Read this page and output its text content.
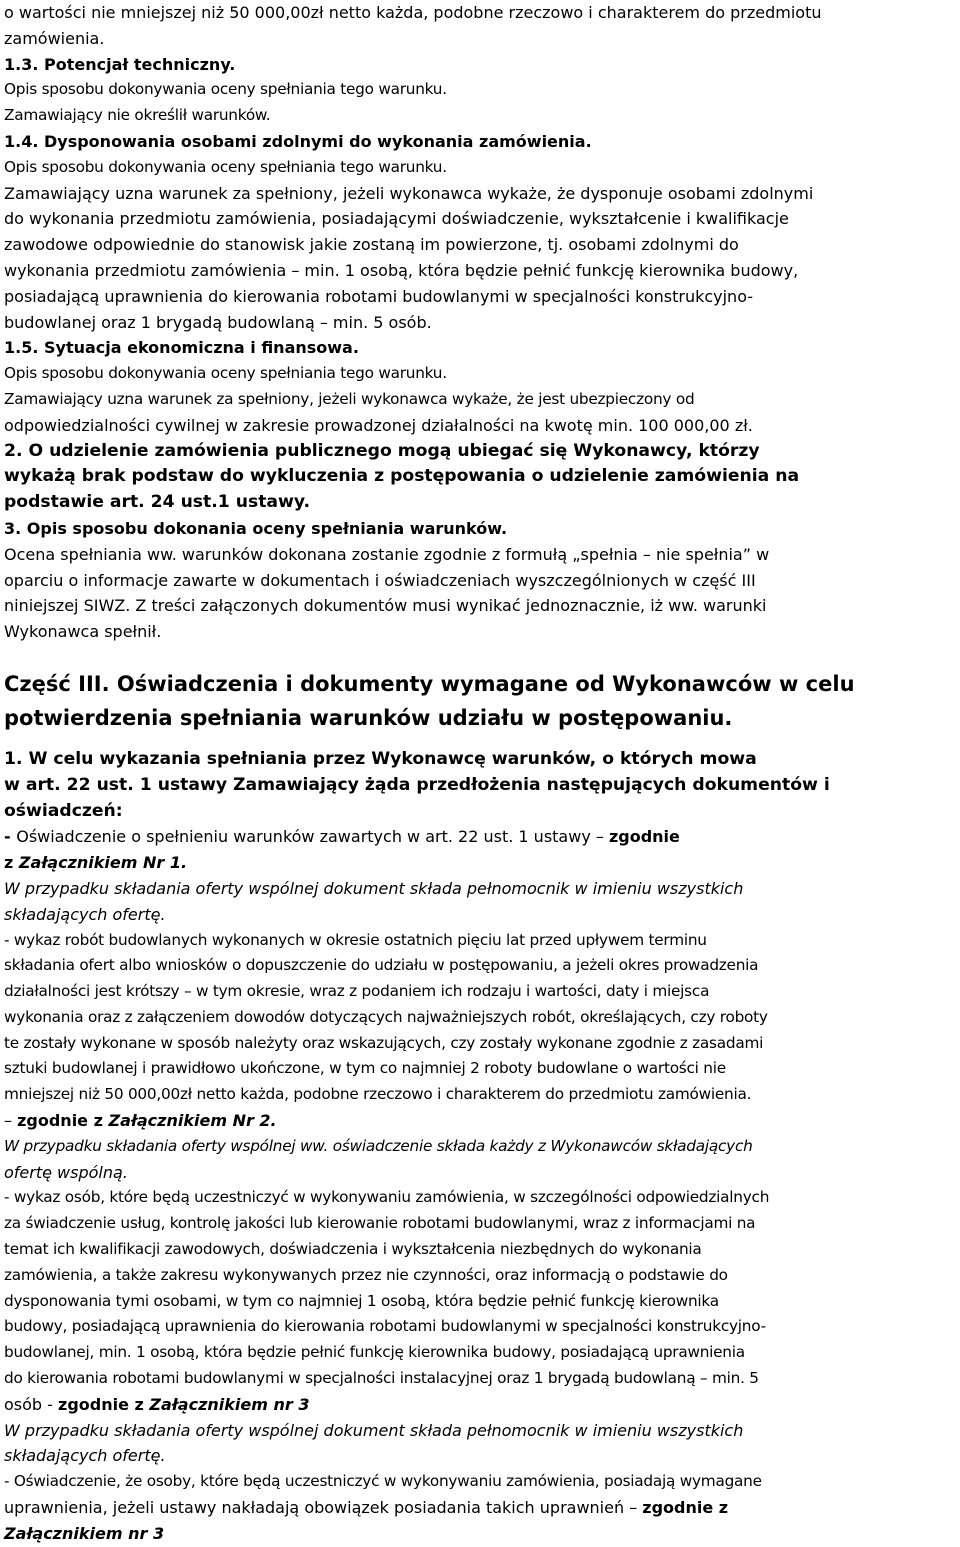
o wartości nie mniejszej niż 50 000,00zł netto każda, podobne rzeczowo i charakterem do przedmiotu
zamówienia.
1.3. Potencjał techniczny.
Opis sposobu dokonywania oceny spełniania tego warunku.
Zamawiający nie określił warunków.
1.4. Dysponowania osobami zdolnymi do wykonania zamówienia.
Opis sposobu dokonywania oceny spełniania tego warunku.
Zamawiający uzna warunek za spełniony, jeżeli wykonawca wykaże, że dysponuje osobami zdolnymi
do wykonania przedmiotu zamówienia, posiadającymi doświadczenie, wykształcenie i kwalifikacje
zawodowe odpowiednie do stanowisk jakie zostaną im powierzone, tj. osobami zdolnymi do
wykonania przedmiotu zamówienia – min. 1 osobą, która będzie pełnić funkcję kierownika budowy,
posiadającą uprawnienia do kierowania robotami budowlanymi w specjalności konstrukcyjno-
budowlanej oraz 1 brygadą budowlaną – min. 5 osób.
1.5. Sytuacja ekonomiczna i finansowa.
Opis sposobu dokonywania oceny spełniania tego warunku.
Zamawiający uzna warunek za spełniony, jeżeli wykonawca wykaże, że jest ubezpieczony od
odpowiedzialności cywilnej w zakresie prowadzonej działalności na kwotę min. 100 000,00 zł.
2. O udzielenie zamówienia publicznego mogą ubiegać się Wykonawcy, którzy
wykażą brak podstaw do wykluczenia z postępowania o udzielenie zamówienia na
podstawie art. 24 ust.1 ustawy.
3. Opis sposobu dokonania oceny spełniania warunków.
Ocena spełniania ww. warunków dokonana zostanie zgodnie z formułą „spełnia – nie spełnia” w
oparciu o informacje zawarte w dokumentach i oświadczeniach wyszczególnionych w część III
niniejszej SIWZ. Z treści załączonych dokumentów musi wynikać jednoznacznie, iż ww. warunki
Wykonawca spełnił.
Część III. Oświadczenia i dokumenty wymagane od Wykonawców w celu
potwierdzenia spełniania warunków udziału w postępowaniu.
1. W celu wykazania spełniania przez Wykonawcę warunków, o których mowa
w art. 22 ust. 1 ustawy Zamawiający żąda przedłożenia następujących dokumentów i
oświadczeń:
- Oświadczenie o spełnieniu warunków zawartych w art. 22 ust. 1 ustawy – zgodnie
z Załącznikiem Nr 1.
W przypadku składania oferty wspólnej dokument składa pełnomocnik w imieniu wszystkich
składających ofertę.
- wykaz robót budowlanych wykonanych w okresie ostatnich pięciu lat przed upływem terminu
składania ofert albo wniosków o dopuszczenie do udziału w postępowaniu, a jeżeli okres prowadzenia
działalności jest krótszy – w tym okresie, wraz z podaniem ich rodzaju i wartości, daty i miejsca
wykonania oraz z załączeniem dowodów dotyczących najważniejszych robót, określających, czy roboty
te zostały wykonane w sposób należyty oraz wskazujących, czy zostały wykonane zgodnie z zasadami
sztuki budowlanej i prawidłowo ukończone, w tym co najmniej 2 roboty budowlane o wartości nie
mniejszej niż 50 000,00zł netto każda, podobne rzeczowo i charakterem do przedmiotu zamówienia.
– zgodnie z Załącznikiem Nr 2.
W przypadku składania oferty wspólnej ww. oświadczenie składa każdy z Wykonawców składających
ofertę wspólną.
- wykaz osób, które będą uczestniczyć w wykonywaniu zamówienia, w szczególności odpowiedzialnych
za świadczenie usług, kontrolę jakości lub kierowanie robotami budowlanymi, wraz z informacjami na
temat ich kwalifikacji zawodowych, doświadczenia i wykształcenia niezbędnych do wykonania
zamówienia, a także zakresu wykonywanych przez nie czynności, oraz informacją o podstawie do
dysponowania tymi osobami, w tym co najmniej 1 osobą, która będzie pełnić funkcję kierownika
budowy, posiadającą uprawnienia do kierowania robotami budowlanymi w specjalności konstrukcyjno-
budowlanej, min. 1 osobą, która będzie pełnić funkcję kierownika budowy, posiadającą uprawnienia
do kierowania robotami budowlanymi w specjalności instalacyjnej oraz 1 brygadą budowlaną – min. 5
osób - zgodnie z Załącznikiem nr 3
W przypadku składania oferty wspólnej dokument składa pełnomocnik w imieniu wszystkich
składających ofertę.
- Oświadczenie, że osoby, które będą uczestniczyć w wykonywaniu zamówienia, posiadają wymagane
uprawnienia, jeżeli ustawy nakładają obowiązek posiadania takich uprawnień – zgodnie z
Załącznikiem nr 3
